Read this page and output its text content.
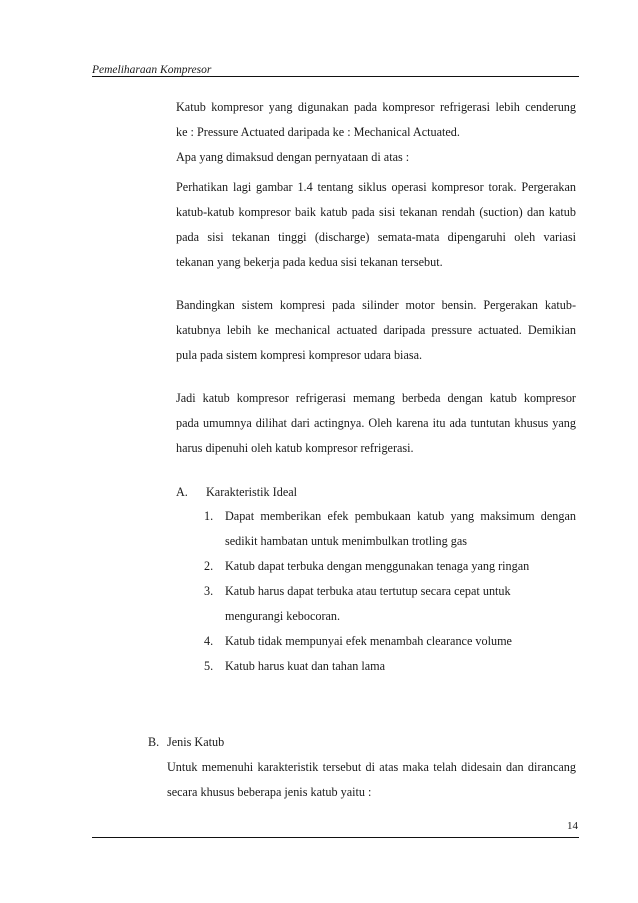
Pemeliharaan Kompresor
Katub kompresor yang digunakan pada kompresor refrigerasi lebih cenderung
ke : Pressure Actuated daripada ke : Mechanical Actuated.
Apa yang dimaksud dengan pernyataan di atas :
Perhatikan lagi gambar 1.4 tentang siklus operasi kompresor torak. Pergerakan
katub-katub kompresor baik katub pada sisi tekanan rendah (suction) dan katub
pada sisi tekanan tinggi (discharge) semata-mata dipengaruhi oleh variasi
tekanan yang bekerja pada kedua sisi tekanan tersebut.
Bandingkan sistem kompresi pada silinder motor bensin. Pergerakan katub-
katubnya lebih ke mechanical actuated daripada pressure actuated. Demikian
pula pada sistem kompresi kompresor udara biasa.
Jadi katub kompresor refrigerasi memang berbeda dengan katub kompresor
pada umumnya dilihat dari actingnya. Oleh karena itu ada tuntutan khusus yang
harus dipenuhi oleh katub kompresor refrigerasi.
A. Karakteristik Ideal
1. Dapat memberikan efek pembukaan katub yang maksimum dengan
sedikit hambatan untuk menimbulkan trotling gas
2. Katub dapat terbuka dengan menggunakan tenaga yang ringan
3. Katub harus dapat terbuka atau tertutup secara cepat untuk
mengurangi kebocoran.
4. Katub tidak mempunyai efek menambah clearance volume
5. Katub harus kuat dan tahan lama
B. Jenis Katub
Untuk memenuhi karakteristik tersebut di atas maka telah didesain dan dirancang
secara khusus beberapa jenis katub yaitu :
14
